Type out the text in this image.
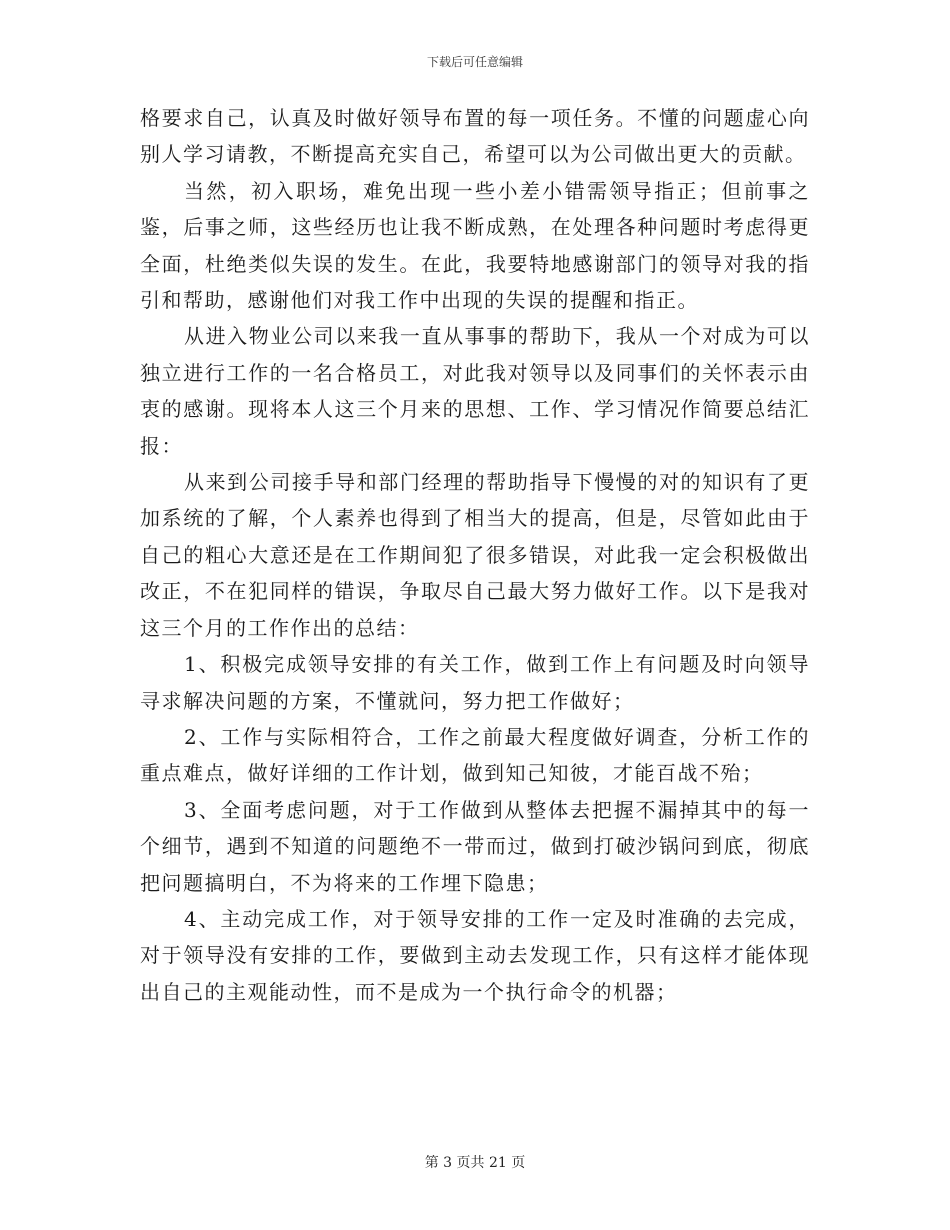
下载后可任意编辑

格要求自己，认真及时做好领导布置的每一项任务。不懂的问题虚心向别人学习请教，不断提高充实自己，希望可以为公司做出更大的贡献。

当然，初入职场，难免出现一些小差小错需领导指正；但前事之鉴，后事之师，这些经历也让我不断成熟，在处理各种问题时考虑得更全面，杜绝类似失误的发生。在此，我要特地感谢部门的领导对我的指引和帮助，感谢他们对我工作中出现的失误的提醒和指正。

从进入物业公司以来我一直从事事的帮助下，我从一个对成为可以独立进行工作的一名合格员工，对此我对领导以及同事们的关怀表示由衷的感谢。现将本人这三个月来的思想、工作、学习情况作简要总结汇报：

从来到公司接手导和部门经理的帮助指导下慢慢的对的知识有了更加系统的了解，个人素养也得到了相当大的提高，但是，尽管如此由于自己的粗心大意还是在工作期间犯了很多错误，对此我一定会积极做出改正，不在犯同样的错误，争取尽自己最大努力做好工作。以下是我对这三个月的工作作出的总结：

1、积极完成领导安排的有关工作，做到工作上有问题及时向领导寻求解决问题的方案，不懂就问，努力把工作做好；

2、工作与实际相符合，工作之前最大程度做好调查，分析工作的重点难点，做好详细的工作计划，做到知己知彼，才能百战不殆；

3、全面考虑问题，对于工作做到从整体去把握不漏掉其中的每一个细节，遇到不知道的问题绝不一带而过，做到打破沙锅问到底，彻底把问题搞明白，不为将来的工作埋下隐患；

4、主动完成工作，对于领导安排的工作一定及时准确的去完成，对于领导没有安排的工作，要做到主动去发现工作，只有这样才能体现出自己的主观能动性，而不是成为一个执行命令的机器；

第 3 页共 21 页
